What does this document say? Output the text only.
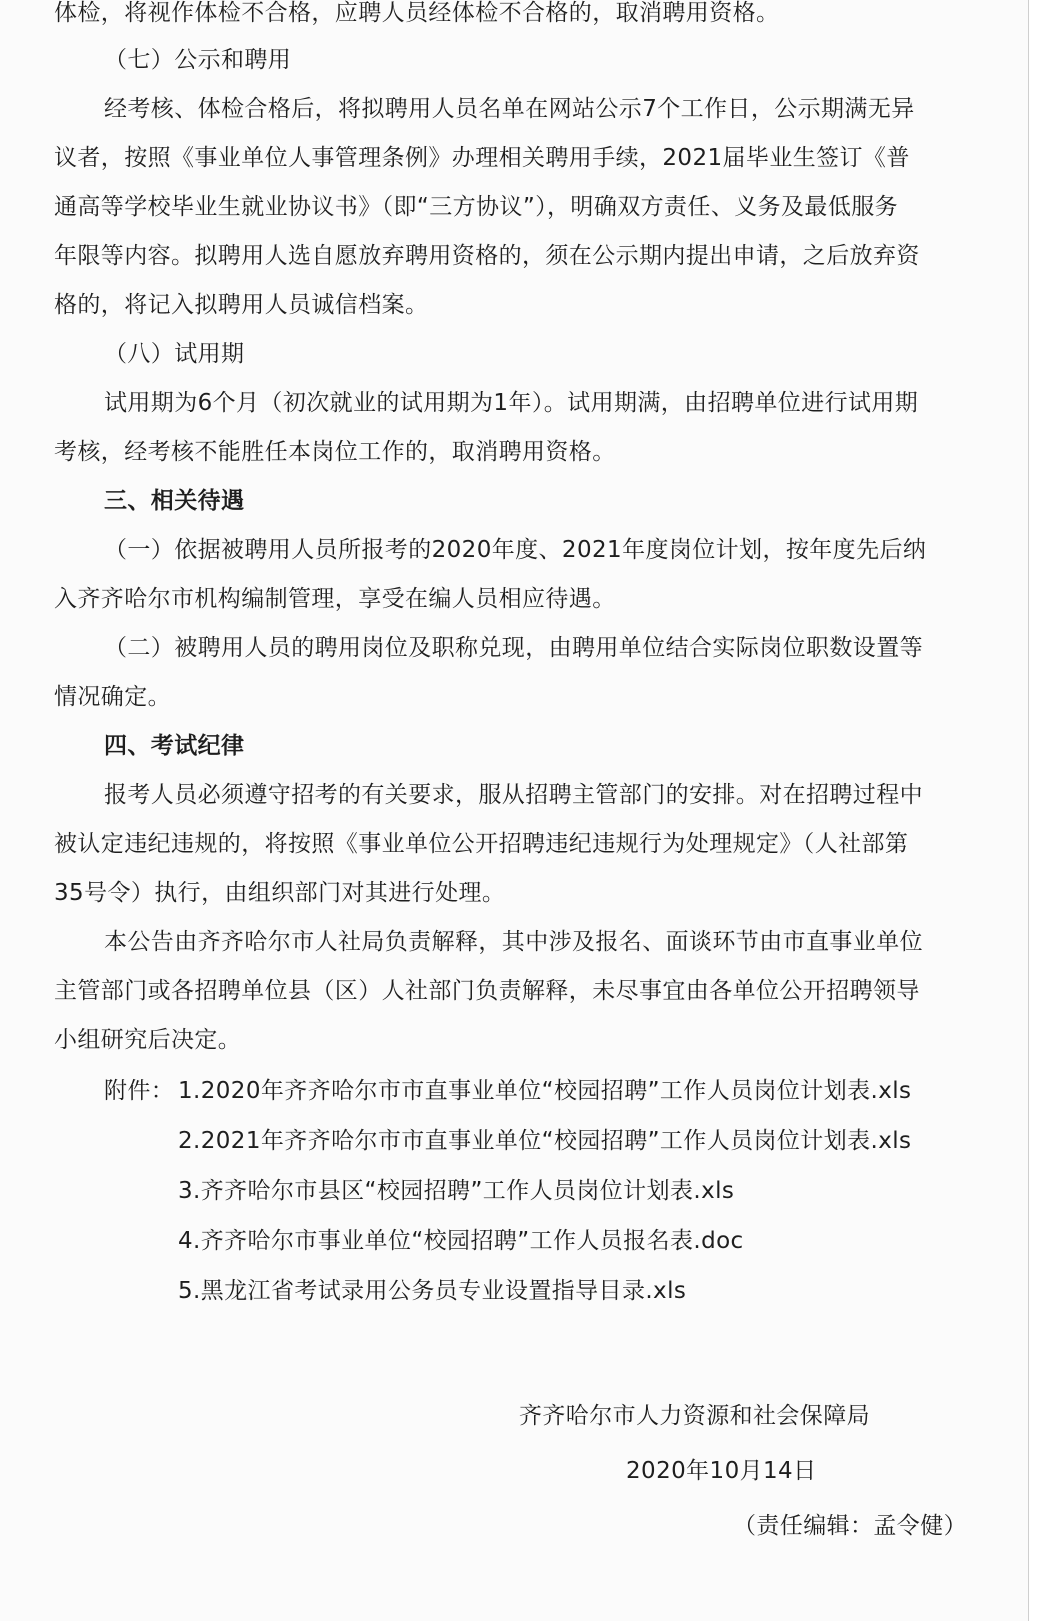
体检，将视作体检不合格，应聘人员经体检不合格的，取消聘用资格。
（七）公示和聘用
经考核、体检合格后，将拟聘用人员名单在网站公示7个工作日，公示期满无异
议者，按照《事业单位人事管理条例》办理相关聘用手续，2021届毕业生签订《普
通高等学校毕业生就业协议书》（即“三方协议”），明确双方责任、义务及最低服务
年限等内容。拟聘用人选自愿放弃聘用资格的，须在公示期内提出申请，之后放弃资
格的，将记入拟聘用人员诚信档案。
（八）试用期
试用期为6个月（初次就业的试用期为1年）。试用期满，由招聘单位进行试用期
考核，经考核不能胜任本岗位工作的，取消聘用资格。
三、相关待遇
（一）依据被聘用人员所报考的2020年度、2021年度岗位计划，按年度先后纳
入齐齐哈尔市机构编制管理，享受在编人员相应待遇。
（二）被聘用人员的聘用岗位及职称兑现，由聘用单位结合实际岗位职数设置等
情况确定。
四、考试纪律
报考人员必须遵守招考的有关要求，服从招聘主管部门的安排。对在招聘过程中
被认定违纪违规的，将按照《事业单位公开招聘违纪违规行为处理规定》（人社部第
35号令）执行，由组织部门对其进行处理。
本公告由齐齐哈尔市人社局负责解释，其中涉及报名、面谈环节由市直事业单位
主管部门或各招聘单位县（区）人社部门负责解释，未尽事宜由各单位公开招聘领导
小组研究后决定。
附件： 1.2020年齐齐哈尔市市直事业单位“校园招聘”工作人员岗位计划表.xls
2.2021年齐齐哈尔市市直事业单位“校园招聘”工作人员岗位计划表.xls
3.齐齐哈尔市县区“校园招聘”工作人员岗位计划表.xls
4.齐齐哈尔市事业单位“校园招聘”工作人员报名表.doc
5.黑龙江省考试录用公务员专业设置指导目录.xls
齐齐哈尔市人力资源和社会保障局
2020年10月14日
（责任编辑：孟令健）
